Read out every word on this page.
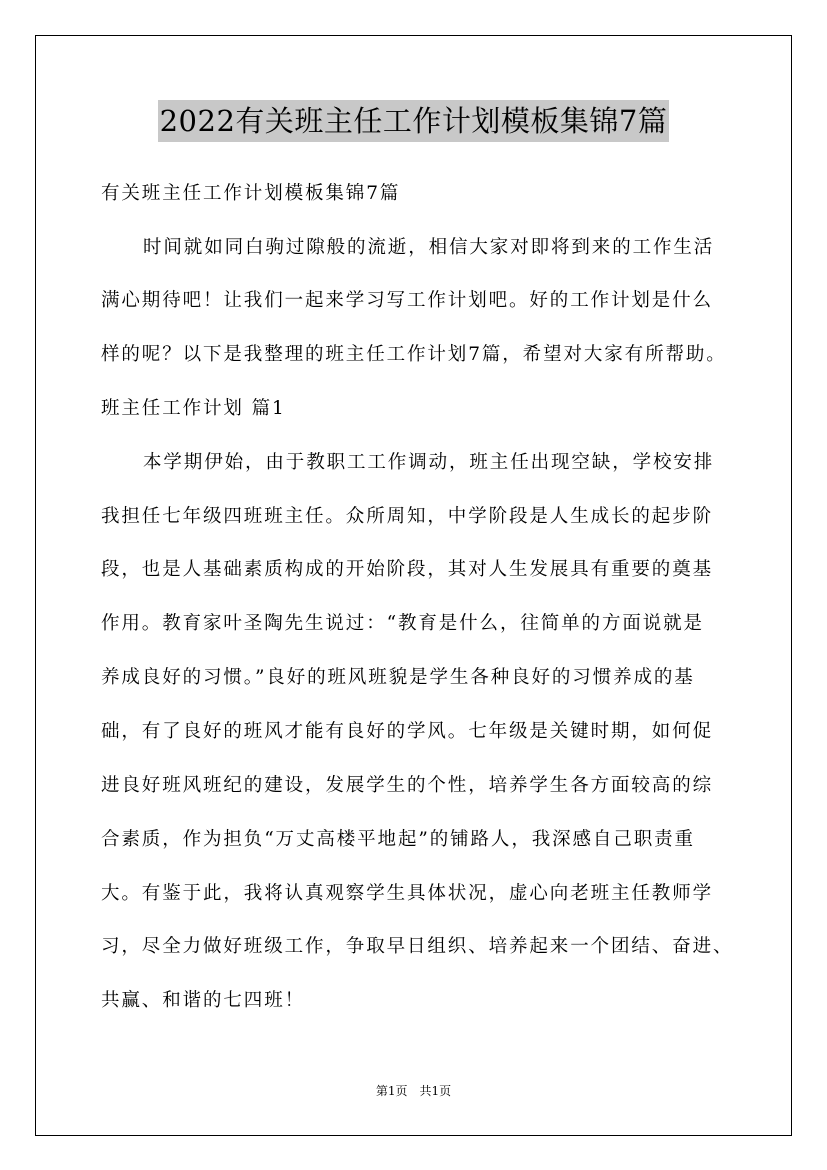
2022有关班主任工作计划模板集锦7篇
有关班主任工作计划模板集锦7篇
时间就如同白驹过隙般的流逝，相信大家对即将到来的工作生活
满心期待吧！让我们一起来学习写工作计划吧。好的工作计划是什么
样的呢？以下是我整理的班主任工作计划7篇，希望对大家有所帮助。
班主任工作计划 篇1
本学期伊始，由于教职工工作调动，班主任出现空缺，学校安排
我担任七年级四班班主任。众所周知，中学阶段是人生成长的起步阶
段，也是人基础素质构成的开始阶段，其对人生发展具有重要的奠基
作用。教育家叶圣陶先生说过：“教育是什么，往简单的方面说就是
养成良好的习惯。”良好的班风班貌是学生各种良好的习惯养成的基
础，有了良好的班风才能有良好的学风。七年级是关键时期，如何促
进良好班风班纪的建设，发展学生的个性，培养学生各方面较高的综
合素质，作为担负“万丈高楼平地起”的铺路人，我深感自己职责重
大。有鉴于此，我将认真观察学生具体状况，虚心向老班主任教师学
习，尽全力做好班级工作，争取早日组织、培养起来一个团结、奋进、
共赢、和谐的七四班！
第1页 共1页
